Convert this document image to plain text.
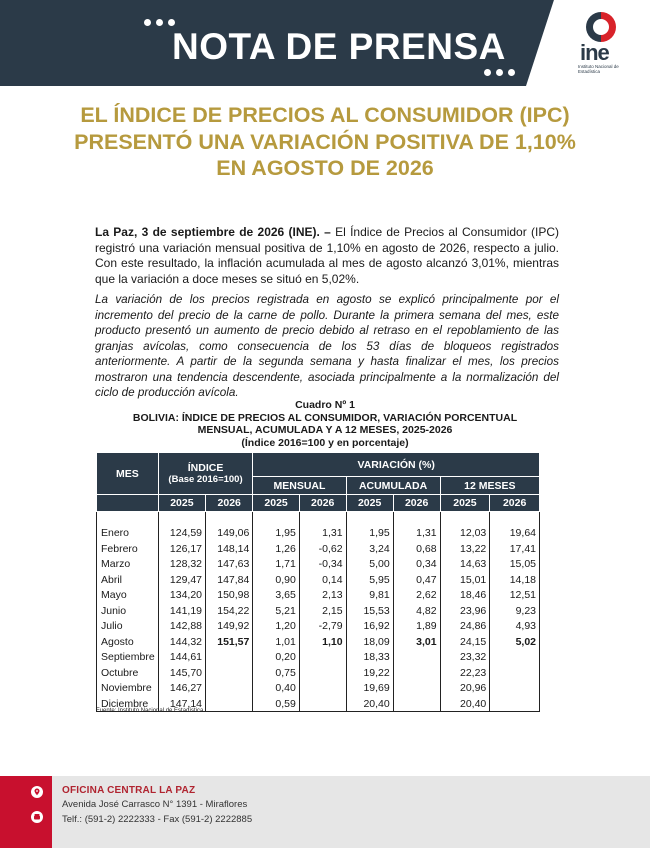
NOTA DE PRENSA	ine
Instituto Nacional de Estadística
EL ÍNDICE DE PRECIOS AL CONSUMIDOR (IPC) PRESENTÓ UNA VARIACIÓN POSITIVA DE 1,10% EN AGOSTO DE 2026

La Paz, 3 de septiembre de 2026 (INE). – El Índice de Precios al Consumidor (IPC) registró una variación mensual positiva de 1,10% en agosto de 2026, respecto a julio. Con este resultado, la inflación acumulada al mes de agosto alcanzó 3,01%, mientras que la variación a doce meses se situó en 5,02%.

La variación de los precios registrada en agosto se explicó principalmente por el incremento del precio de la carne de pollo. Durante la primera semana del mes, este producto presentó un aumento de precio debido al retraso en el repoblamiento de las granjas avícolas, como consecuencia de los 53 días de bloqueos registrados anteriormente. A partir de la segunda semana y hasta finalizar el mes, los precios mostraron una tendencia descendente, asociada principalmente a la normalización del ciclo de producción avícola.

Cuadro Nº 1
BOLIVIA: ÍNDICE DE PRECIOS AL CONSUMIDOR, VARIACIÓN PORCENTUAL
MENSUAL, ACUMULADA Y A 12 MESES, 2025-2026
(Índice 2016=100 y en porcentaje)
MES	ÍNDICE
(Base 2016=100)		VARIACIÓN (%)					
			MENSUAL		ACUMULADA		12 MESES	
	2025	2026	2025	2026	2025	2026	2025	2026

Enero	124,59	149,06	1,95	1,31	1,95	1,31	12,03	19,64
Febrero	126,17	148,14	1,26	-0,62	3,24	0,68	13,22	17,41
Marzo	128,32	147,63	1,71	-0,34	5,00	0,34	14,63	15,05
Abril	129,47	147,84	0,90	0,14	5,95	0,47	15,01	14,18
Mayo	134,20	150,98	3,65	2,13	9,81	2,62	18,46	12,51
Junio	141,19	154,22	5,21	2,15	15,53	4,82	23,96	9,23
Julio	142,88	149,92	1,20	-2,79	16,92	1,89	24,86	4,93
Agosto	144,32	151,57	1,01	1,10	18,09	3,01	24,15	5,02
Septiembre	144,61		0,20		18,33		23,32	
Octubre	145,70		0,75		19,22		22,23	
Noviembre	146,27		0,40		19,69		20,96	
Diciembre	147,14		0,59		20,40		20,40	
Fuente: Instituto Nacional de Estadística
OFICINA CENTRAL LA PAZ
Avenida José Carrasco N° 1391 - Miraflores
Telf.: (591-2) 2222333 - Fax (591-2) 2222885
